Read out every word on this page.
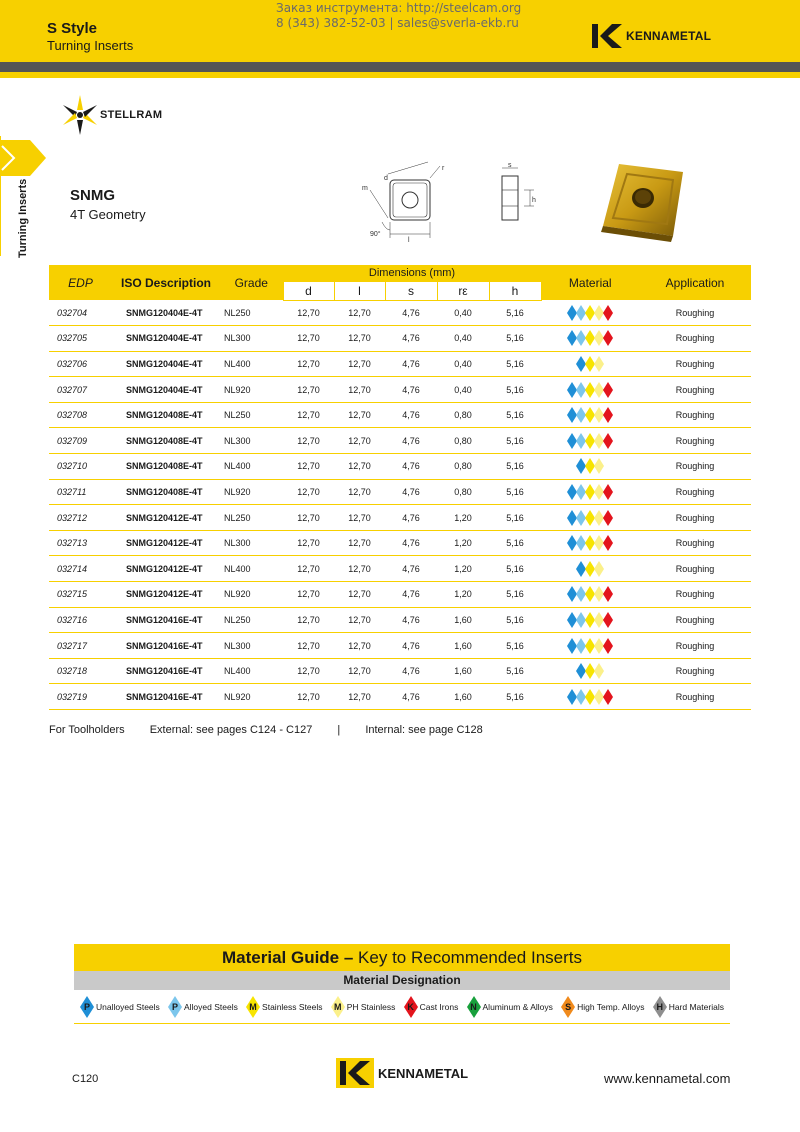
S Style
Turning Inserts
Заказ инструмента: http://steelcam.org
8 (343) 382-52-03 | sales@sverla-ekb.ru
KENNAMETAL
Turning Inserts
STELLRAM
SNMG
4T Geometry
d
r
m
90°
l
s
h
EDP	ISO Description	Grade	Dimensions (mm)					Material	Application
			d	l	s	rε	h		
032704	SNMG120404E-4T	NL250	12,70	12,70	4,76	0,40	5,16		Roughing
032705	SNMG120404E-4T	NL300	12,70	12,70	4,76	0,40	5,16		Roughing
032706	SNMG120404E-4T	NL400	12,70	12,70	4,76	0,40	5,16		Roughing
032707	SNMG120404E-4T	NL920	12,70	12,70	4,76	0,40	5,16		Roughing
032708	SNMG120408E-4T	NL250	12,70	12,70	4,76	0,80	5,16		Roughing
032709	SNMG120408E-4T	NL300	12,70	12,70	4,76	0,80	5,16		Roughing
032710	SNMG120408E-4T	NL400	12,70	12,70	4,76	0,80	5,16		Roughing
032711	SNMG120408E-4T	NL920	12,70	12,70	4,76	0,80	5,16		Roughing
032712	SNMG120412E-4T	NL250	12,70	12,70	4,76	1,20	5,16		Roughing
032713	SNMG120412E-4T	NL300	12,70	12,70	4,76	1,20	5,16		Roughing
032714	SNMG120412E-4T	NL400	12,70	12,70	4,76	1,20	5,16		Roughing
032715	SNMG120412E-4T	NL920	12,70	12,70	4,76	1,20	5,16		Roughing
032716	SNMG120416E-4T	NL250	12,70	12,70	4,76	1,60	5,16		Roughing
032717	SNMG120416E-4T	NL300	12,70	12,70	4,76	1,60	5,16		Roughing
032718	SNMG120416E-4T	NL400	12,70	12,70	4,76	1,60	5,16		Roughing
032719	SNMG120416E-4T	NL920	12,70	12,70	4,76	1,60	5,16		Roughing
For Toolholders External: see pages C124 - C127 | Internal: see page C128
Material Guide – Key to Recommended Inserts
Material Designation
P Unalloyed Steels	P Alloyed Steels	M Stainless Steels	M PH Stainless	K Cast Irons	N Aluminum & Alloys	S High Temp. Alloys	H Hard Materials
C120	KENNAMETAL	www.kennametal.com
